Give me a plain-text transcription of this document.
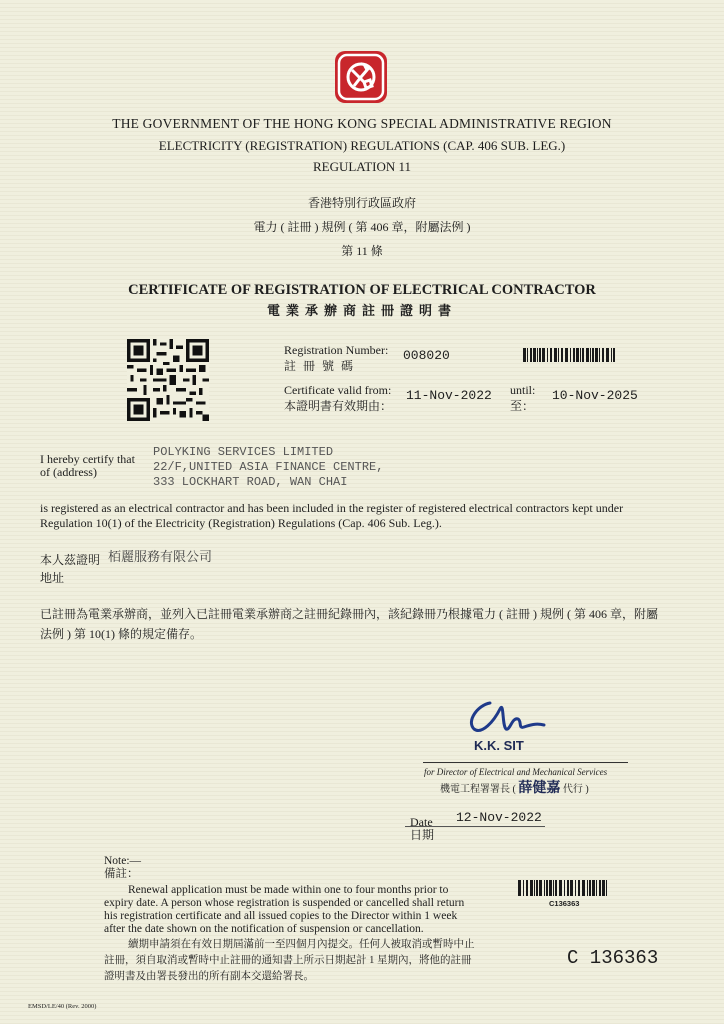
THE GOVERNMENT OF THE HONG KONG SPECIAL ADMINISTRATIVE REGION
ELECTRICITY (REGISTRATION) REGULATIONS (CAP. 406 SUB. LEG.)
REGULATION 11
香港特別行政區政府
電力 ( 註冊 ) 規例 ( 第 406 章，附屬法例 )
第 11 條
CERTIFICATE OF REGISTRATION OF ELECTRICAL CONTRACTOR
電業承辦商註冊證明書
Registration Number:
註 冊 號 碼
008020
Certificate valid from:
本證明書有效期由：
11-Nov-2022 until:
至：
10-Nov-2025
I hereby certify that
of (address)
POLYKING SERVICES LIMITED
22/F,UNITED ASIA FINANCE CENTRE,
333 LOCKHART ROAD, WAN CHAI
is registered as an electrical contractor and has been included in the register of registered electrical contractors kept under
Regulation 10(1) of the Electricity (Registration) Regulations (Cap. 406 Sub. Leg.).
本人茲證明
地址
栢麗服務有限公司
已註冊為電業承辦商，並列入已註冊電業承辦商之註冊紀錄冊內，該紀錄冊乃根據電力 ( 註冊 ) 規例 ( 第 406 章，附屬
法例 ) 第 10(1) 條的規定備存。
K.K. SIT
for Director of Electrical and Mechanical Services
機電工程署署長 ( 薛健嘉 代行 )
Date
日期
12-Nov-2022
Note:—
備註：
Renewal application must be made within one to four months prior to
expiry date. A person whose registration is suspended or cancelled shall return
his registration certificate and all issued copies to the Director within 1 week
after the date shown on the notification of suspension or cancellation.
續期申請須在有效日期屆滿前一至四個月內提交。任何人被取消或暫時中止
註冊，須自取消或暫時中止註冊的通知書上所示日期起計 1 星期內，將他的註冊
證明書及由署長發出的所有副本交還給署長。
C136363
C 136363
EMSD/LE/40 (Rev. 2000)
